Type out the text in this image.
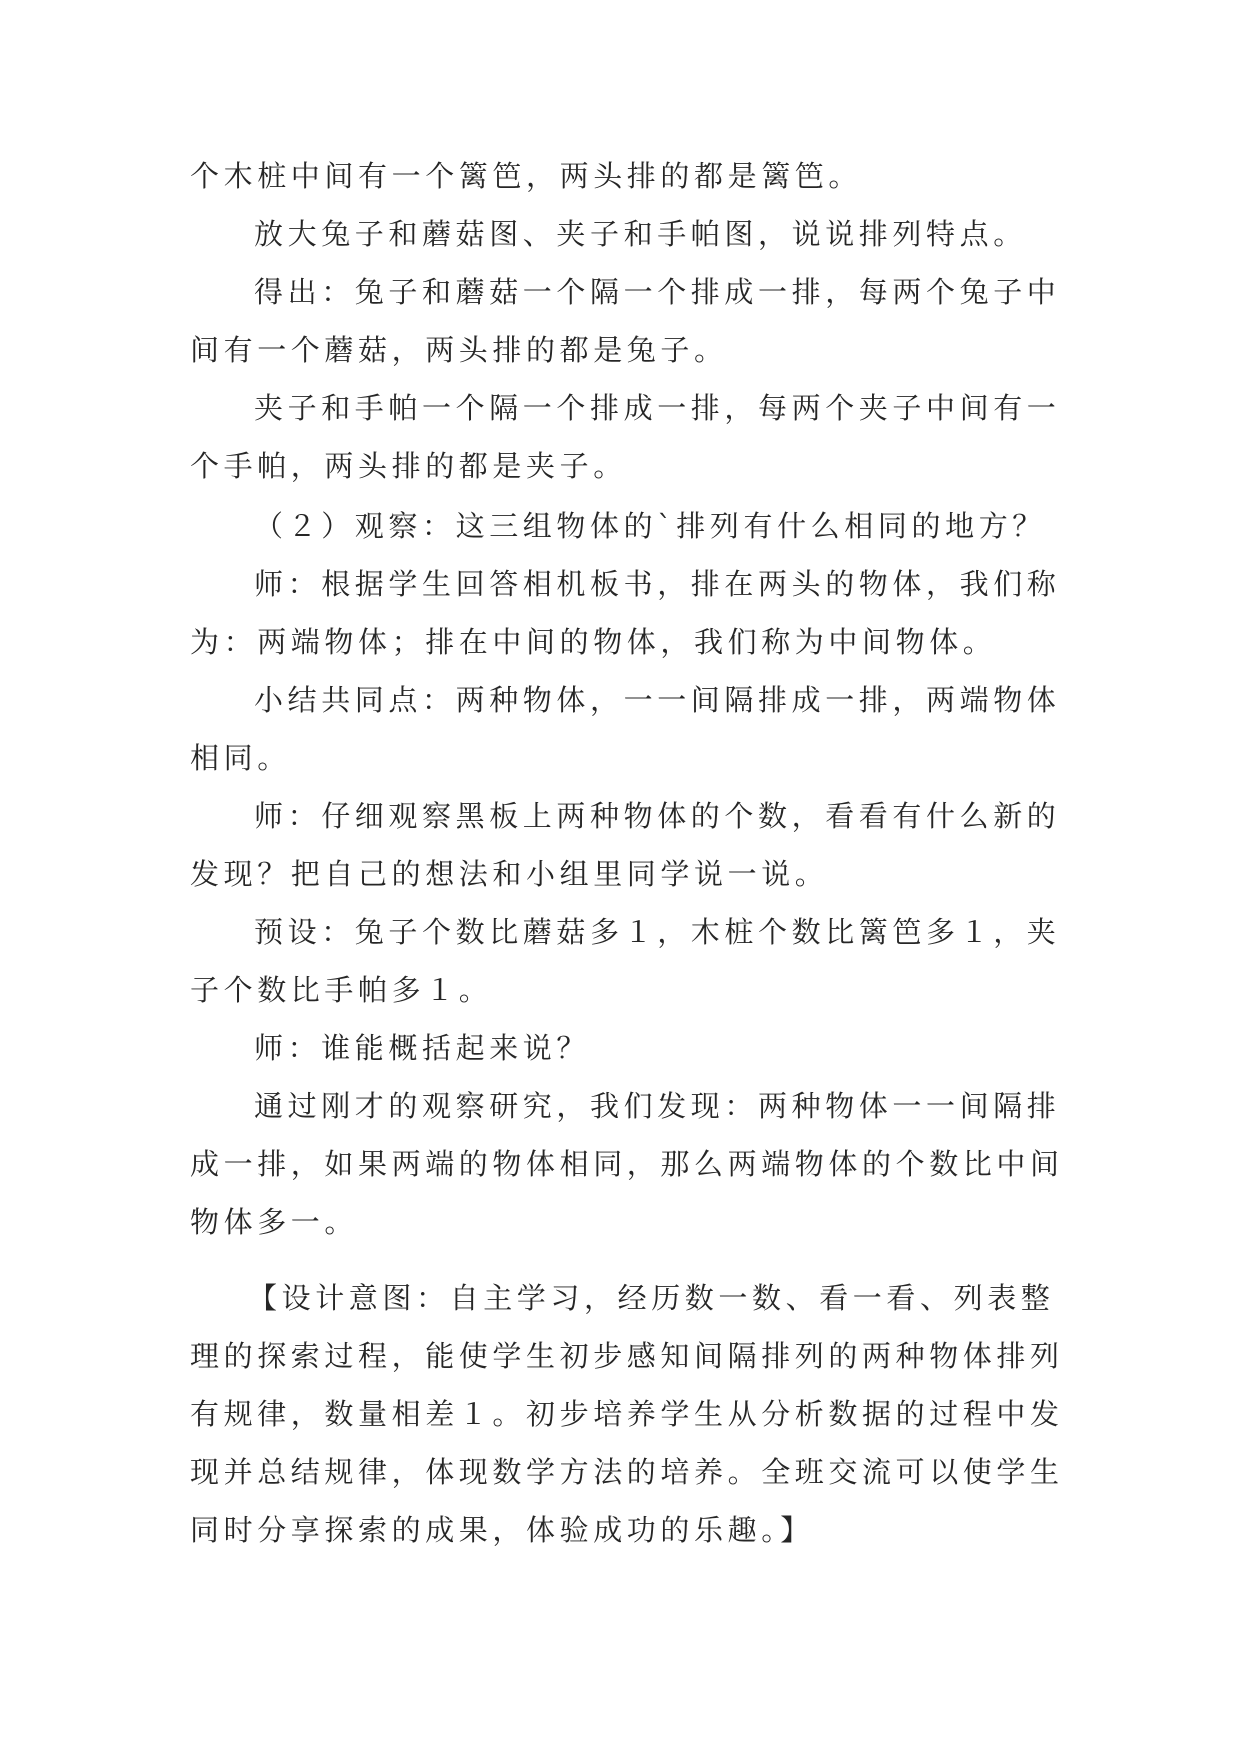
个木桩中间有一个篱笆，两头排的都是篱笆。
放大兔子和蘑菇图、夹子和手帕图，说说排列特点。
得出：兔子和蘑菇一个隔一个排成一排，每两个兔子中
间有一个蘑菇，两头排的都是兔子。
夹子和手帕一个隔一个排成一排，每两个夹子中间有一
个手帕，两头排的都是夹子。
（２）观察：这三组物体的`排列有什么相同的地方？
师：根据学生回答相机板书，排在两头的物体，我们称
为：两端物体；排在中间的物体，我们称为中间物体。
小结共同点：两种物体，一一间隔排成一排，两端物体
相同。
师：仔细观察黑板上两种物体的个数，看看有什么新的
发现？把自己的想法和小组里同学说一说。
预设：兔子个数比蘑菇多１，木桩个数比篱笆多１，夹
子个数比手帕多１。
师：谁能概括起来说？
通过刚才的观察研究，我们发现：两种物体一一间隔排
成一排，如果两端的物体相同，那么两端物体的个数比中间
物体多一。
【设计意图：自主学习，经历数一数、看一看、列表整
理的探索过程，能使学生初步感知间隔排列的两种物体排列
有规律，数量相差１。初步培养学生从分析数据的过程中发
现并总结规律，体现数学方法的培养。全班交流可以使学生
同时分享探索的成果，体验成功的乐趣。】
